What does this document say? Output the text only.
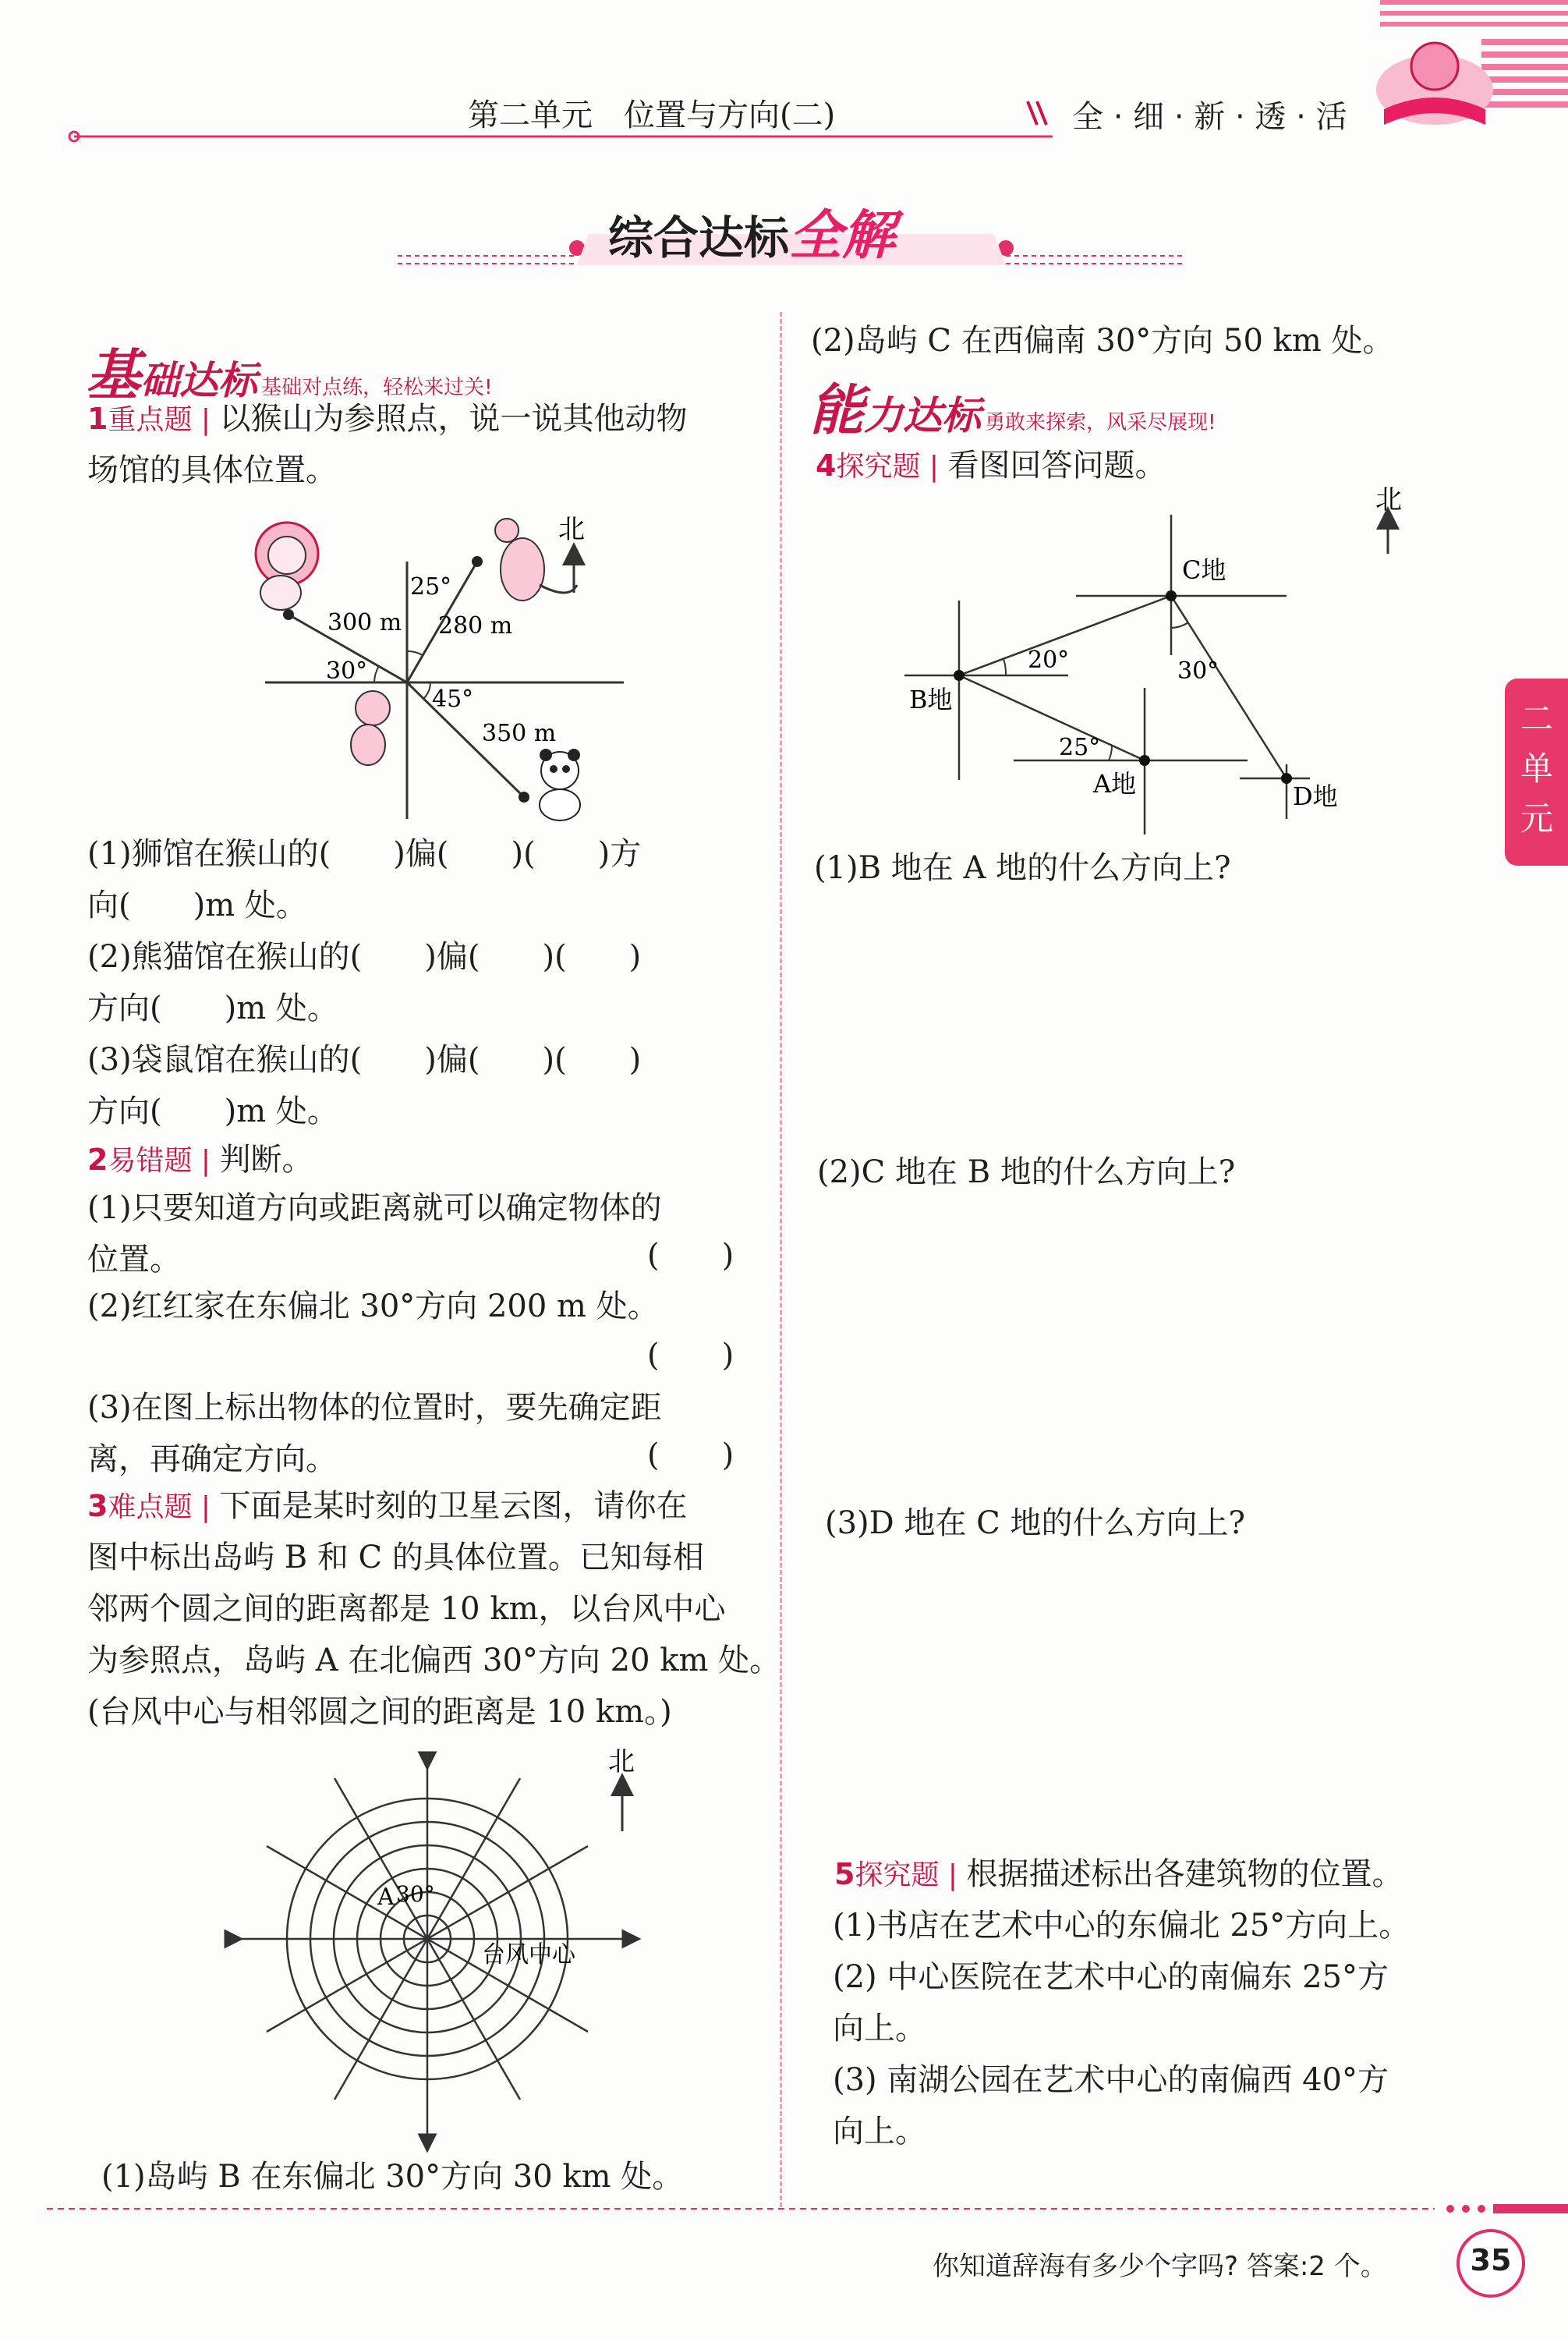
第二单元　位置与方向(二)	全 · 细 · 新 · 透 · 活
综合达标全解
二单元
基础达标 基础对点练，轻松来过关!
1重点题 | 以猴山为参照点，说一说其他动物
场馆的具体位置。
北
300 m 280 m
350 m
25°
30°
45°
(1)狮馆在猴山的(　　)偏(　　)(　　)方
向(　　)m 处。
(2)熊猫馆在猴山的(　　)偏(　　)(　　)
方向(　　)m 处。
(3)袋鼠馆在猴山的(　　)偏(　　)(　　)
方向(　　)m 处。
2易错题 | 判断。
(1)只要知道方向或距离就可以确定物体的
位置。	(　　)
(2)红红家在东偏北 30°方向 200 m 处。
(　　)
(3)在图上标出物体的位置时，要先确定距
离，再确定方向。	(　　)
3难点题 | 下面是某时刻的卫星云图，请你在
图中标出岛屿 B 和 C 的具体位置。已知每相
邻两个圆之间的距离都是 10 km，以台风中心
为参照点，岛屿 A 在北偏西 30°方向 20 km 处。
(台风中心与相邻圆之间的距离是 10 km。)
北
A 30°
台风中心
(1)岛屿 B 在东偏北 30°方向 30 km 处。
(2)岛屿 C 在西偏南 30°方向 50 km 处。
能力达标 勇敢来探索，风采尽展现!
4探究题 | 看图回答问题。
北
C地
B地
A地	D地
20°	30°
25°
(1)B 地在 A 地的什么方向上?
(2)C 地在 B 地的什么方向上?
(3)D 地在 C 地的什么方向上?
5探究题 | 根据描述标出各建筑物的位置。
(1)书店在艺术中心的东偏北 25°方向上。
(2) 中心医院在艺术中心的南偏东 25°方
向上。
(3) 南湖公园在艺术中心的南偏西 40°方
向上。
你知道辞海有多少个字吗? 答案:2 个。	35
